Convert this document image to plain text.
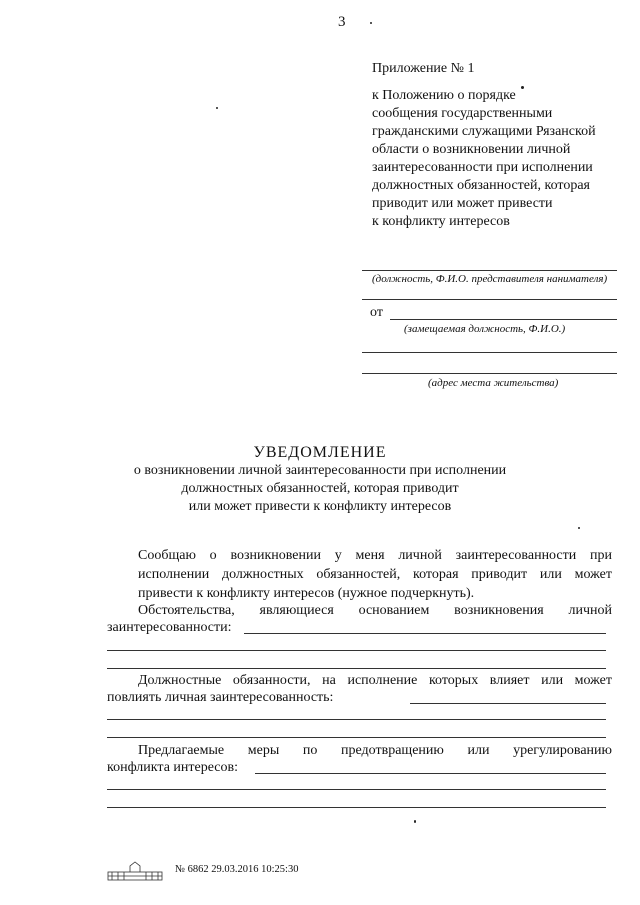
3
Приложение № 1
к Положению о порядке
сообщения государственными
гражданскими служащими Рязанской
области о возникновении личной
заинтересованности при исполнении
должностных обязанностей, которая
приводит или может привести
к конфликту интересов
(должность, Ф.И.О. представителя нанимателя)
от
(замещаемая должность, Ф.И.О.)
(адрес места жительства)
УВЕДОМЛЕНИЕ
о возникновении личной заинтересованности при исполнении
должностных обязанностей, которая приводит
или может привести к конфликту интересов
Сообщаю о возникновении у меня личной заинтересованности при исполнении должностных обязанностей, которая приводит или может привести к конфликту интересов (нужное подчеркнуть).
Обстоятельства, являющиеся основанием возникновения личной
заинтересованности:
Должностные обязанности, на исполнение которых влияет или может
повлиять личная заинтересованность:
Предлагаемые меры по предотвращению или урегулированию
конфликта интересов:
№ 6862 29.03.2016 10:25:30
